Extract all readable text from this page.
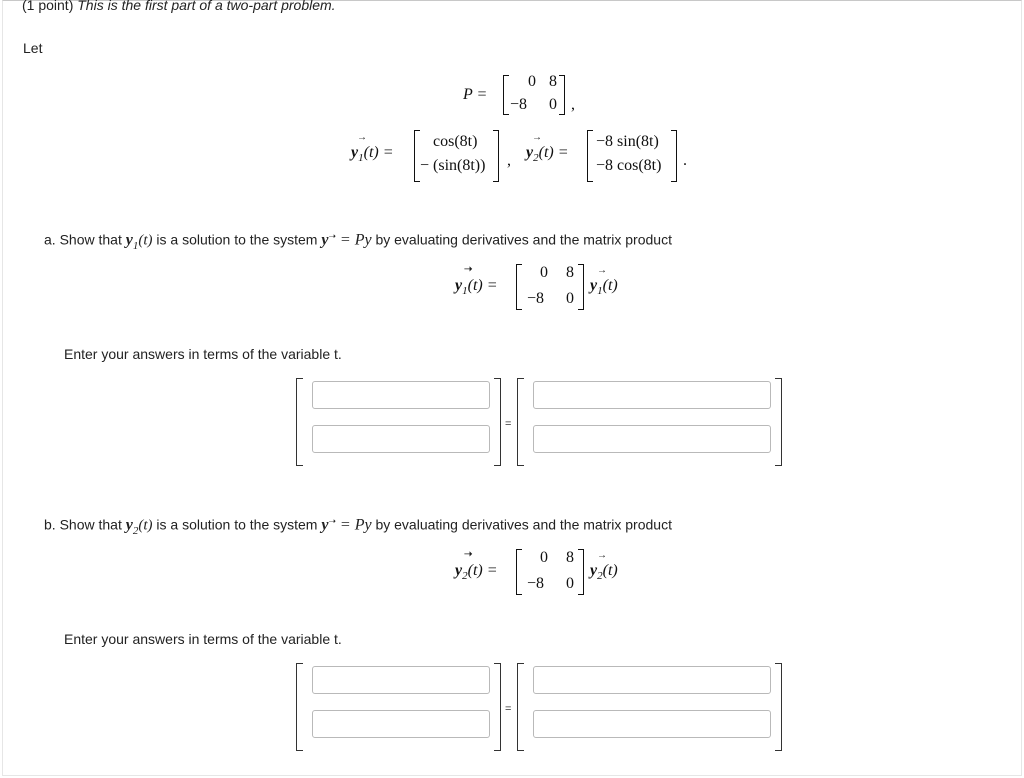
(1 point) This is the first part of a two-part problem.
Let
P =
0 8
−8 0 ,
$y_1(t)$ =
→	cos(8t)
− (sin(8t)) , $y_2(t)$ =
→	−8 sin(8t)
−8 cos(8t) .
a. Show that $y_1(t)$ is a solution to the system y➝ = Py by evaluating derivatives and the matrix product
$y_1(t)$ =
➝	0 8
−8 0
$y_1(t)$
→
Enter your answers in terms of the variable t.
=
b. Show that $y_2(t)$ is a solution to the system y➝ = Py by evaluating derivatives and the matrix product
$y_2(t)$ =
➝	0 8
−8 0
$y_2(t)$
→
Enter your answers in terms of the variable t.
=
